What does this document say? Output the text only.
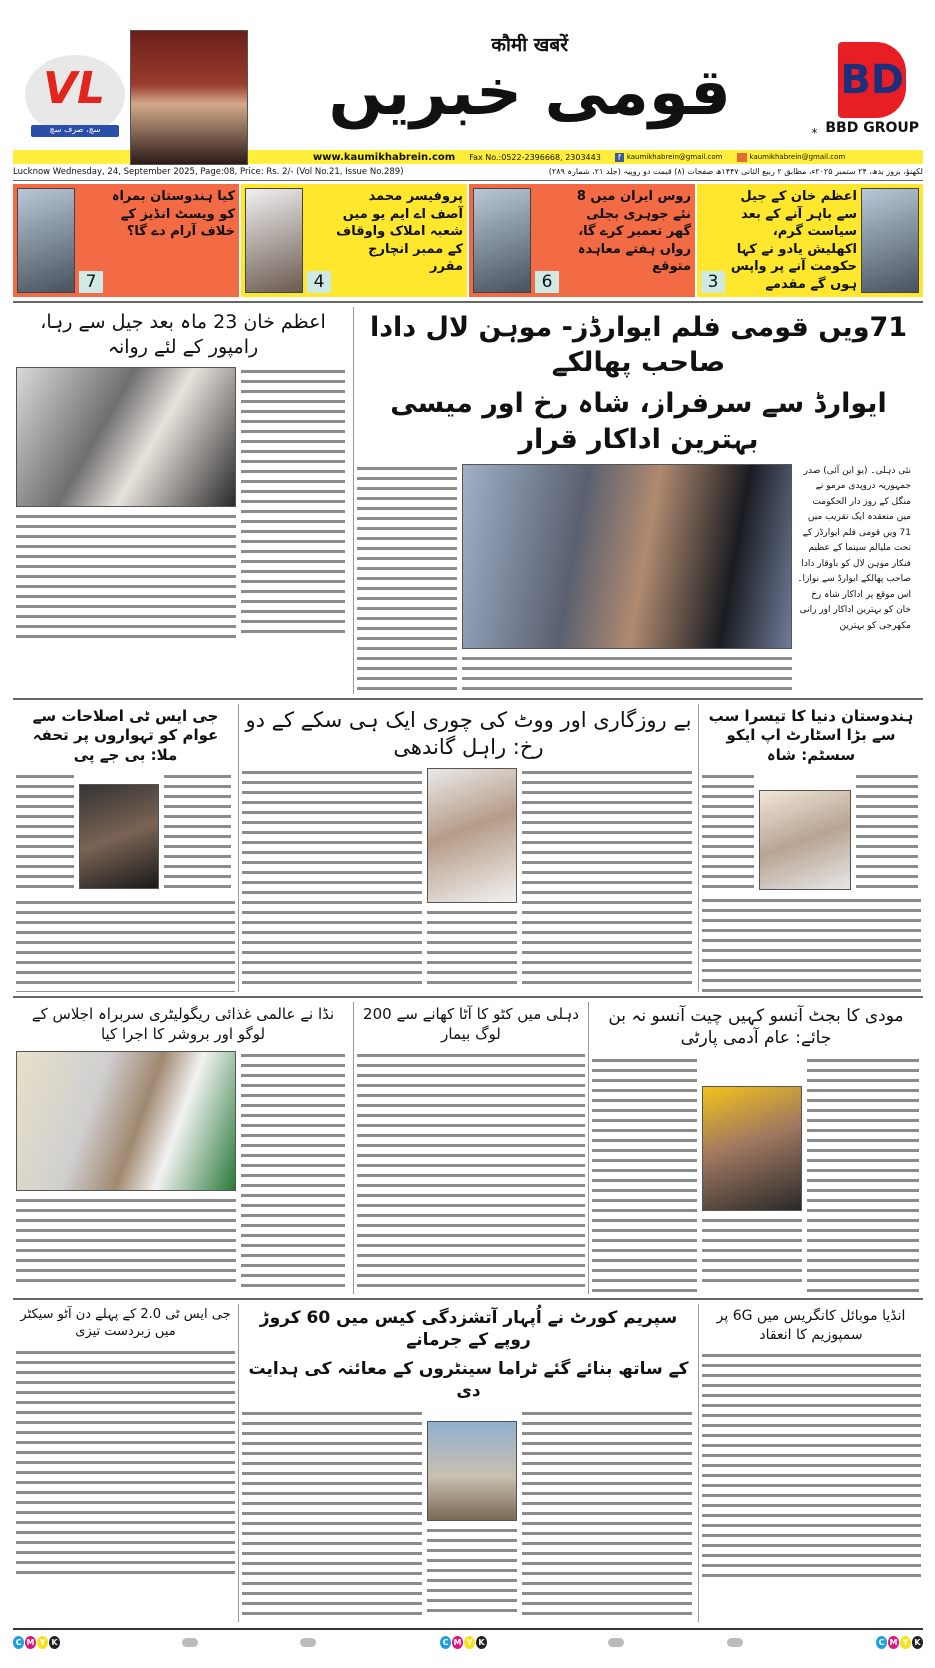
VL
سچ، صرف سچ
कौमी खबरें
قومی خبریں
*
BD
BBD GROUP
www.kaumikhabrein.com Fax No.:0522-2396668, 2303443	f kaumikhabrein@gmail.com	kaumikhabrein@gmail.com
Lucknow Wednesday, 24, September 2025, Page:08, Price: Rs. 2/- (Vol No.21, Issue No.289)	لکھنؤ، بروز بدھ، ۲۴ ستمبر ۲۰۲۵ء، مطابق ۲ ربیع الثانی ۱۴۴۷ھ صفحات (۸) قیمت دو روپیہ (جلد ۲۱، شمارہ ۲۸۹)
7
کیا ہندوستان بمراہ کو ویسٹ انڈیز کے خلاف آرام دے گا؟
4
پروفیسر محمد آصف اے ایم یو میں شعبہ املاک واوقاف کے ممبر انچارج مقرر
6
روس ایران میں 8 نئے جوہری بجلی گھر تعمیر کرے گا، رواں ہفتے معاہدہ متوقع
3
اعظم خان کے جیل سے باہر آنے کے بعد سیاست گرم، اکھلیش یادو نے کہا حکومت آنے پر واپس ہوں گے مقدمے
اعظم خان 23 ماہ بعد جیل سے رہا، رامپور کے لئے روانہ
71ویں قومی فلم ایوارڈز- موہن لال دادا صاحب پھالکے
ایوارڈ سے سرفراز، شاہ رخ اور میسی بہترین اداکار قرار
نئی دہلی۔ (یو این آئی) صدر جمہوریہ دروپدی مرمو نے منگل کے روز دار الحکومت میں منعقدہ ایک تقریب میں 71 ویں قومی فلم ایوارڈز کے تحت ملیالم سینما کے عظیم فنکار موہن لال کو باوقار دادا صاحب پھالکے ایوارڈ سے نوازا۔ اس موقع پر اداکار شاہ رخ خان کو بہترین اداکار اور رانی مکھرجی کو بہترین
جی ایس ٹی اصلاحات سے عوام کو تہواروں پر تحفہ ملا: بی جے پی
بے روزگاری اور ووٹ کی چوری ایک ہی سکے کے دو رخ: راہل گاندھی
ہندوستان دنیا کا تیسرا سب سے بڑا اسٹارٹ اپ ایکو سسٹم: شاہ
نڈا نے عالمی غذائی ریگولیٹری سربراہ اجلاس کے لوگو اور بروشر کا اجرا کیا
دہلی میں کٹو کا آٹا کھانے سے 200 لوگ بیمار
مودی کا بجٹ آنسو کہیں چیت آنسو نہ بن جائے: عام آدمی پارٹی
جی ایس ٹی 2.0 کے پہلے دن آٹو سیکٹر میں زبردست تیزی
سپریم کورٹ نے اُپہار آتشزدگی کیس میں 60 کروڑ روپے کے جرمانے
کے ساتھ بنائے گئے ٹراما سینٹروں کے معائنہ کی ہدایت دی
انڈیا موبائل کانگریس میں 6G پر سمپوزیم کا انعقاد
C M Y K	C M Y K	C M Y K
